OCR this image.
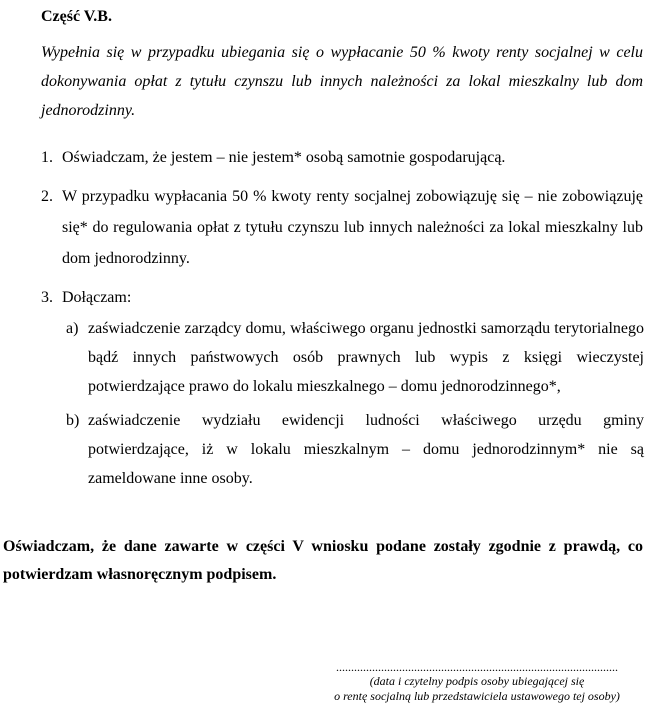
Część V.B.

Wypełnia się w przypadku ubiegania się o wypłacanie 50 % kwoty renty socjalnej w celu dokonywania opłat z tytułu czynszu lub innych należności za lokal mieszkalny lub dom jednorodzinny.

1. Oświadczam, że jestem – nie jestem* osobą samotnie gospodarującą.
2. W przypadku wypłacania 50 % kwoty renty socjalnej zobowiązuję się – nie zobowiązuję się* do regulowania opłat z tytułu czynszu lub innych należności za lokal mieszkalny lub dom jednorodzinny.
3. Dołączam:
a) zaświadczenie zarządcy domu, właściwego organu jednostki samorządu terytorialnego bądź innych państwowych osób prawnych lub wypis z księgi wieczystej potwierdzające prawo do lokalu mieszkalnego – domu jednorodzinnego*,
b) zaświadczenie wydziału ewidencji ludności właściwego urzędu gminy potwierdzające, iż w lokalu mieszkalnym – domu jednorodzinnym* nie są zameldowane inne osoby.

Oświadczam, że dane zawarte w części V wniosku podane zostały zgodnie z prawdą, co potwierdzam własnoręcznym podpisem.

..............................................................................................
(data i czytelny podpis osoby ubiegającej się
o rentę socjalną lub przedstawiciela ustawowego tej osoby)
